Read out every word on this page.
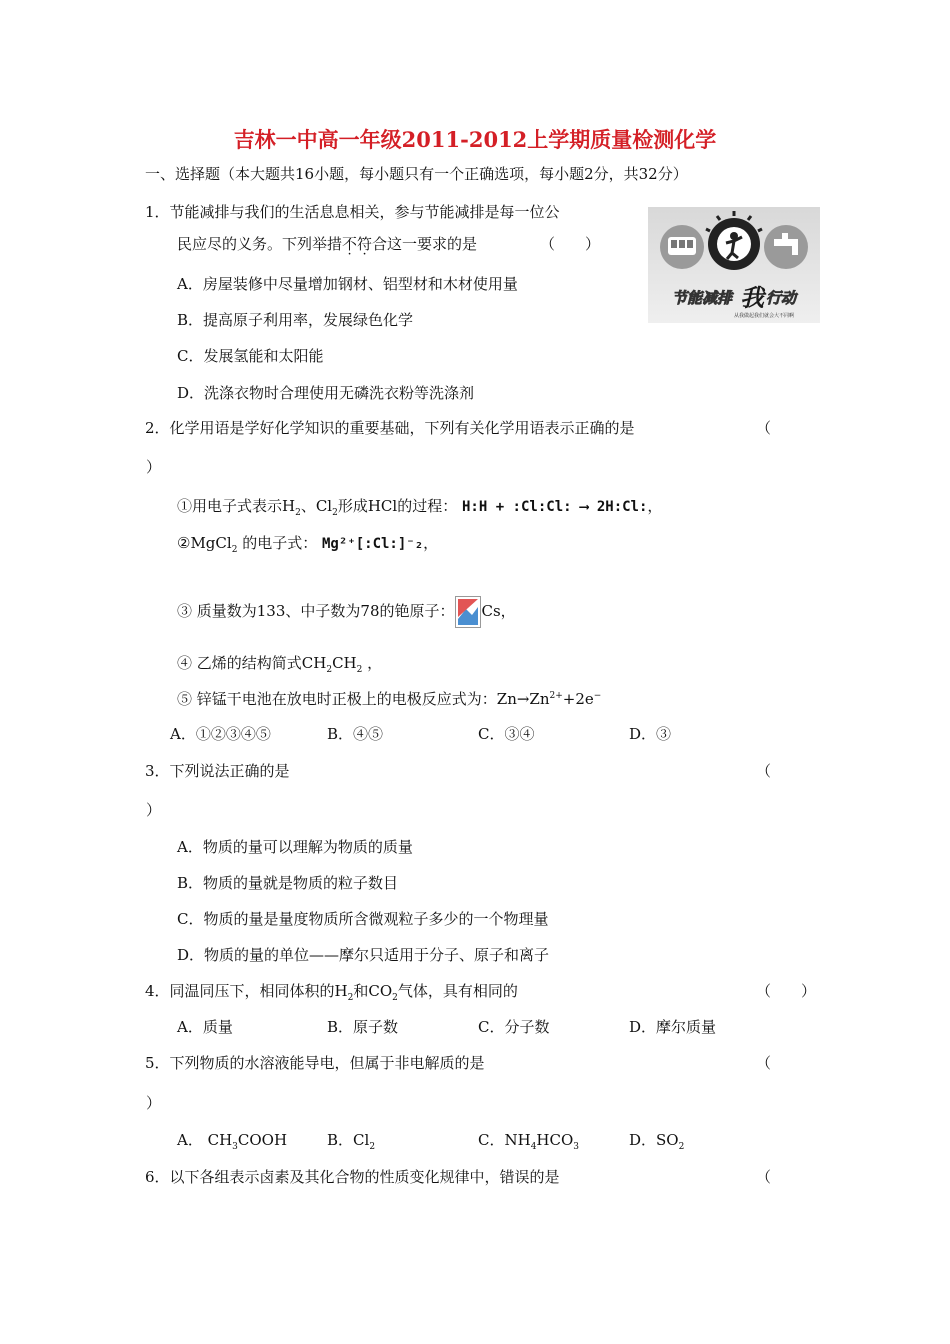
吉林一中高一年级2011-2012上学期质量检测化学
一、选择题（本大题共16小题，每小题只有一个正确选项，每小题2分，共32分）
1．节能减排与我们的生活息息相关，参与节能减排是每一位公
民应尽的义务。下列举措不符合这一要求的是	（　　）
A．房屋装修中尽量增加钢材、铝型材和木材使用量
B．提高原子利用率，发展绿色化学
C．发展氢能和太阳能
D．洗涤衣物时合理使用无磷洗衣粉等洗涤剂
节能减排 我 行动
从我做起我们就会大不同啊
2．化学用语是学好化学知识的重要基础，下列有关化学用语表示正确的是	（
）
①用电子式表示$H_2$、$Cl_2$形成HCl的过程： H:H + :Cl:Cl: ⟶ 2H:Cl:，
②MgCl$_2$ 的电子式： Mg²⁺[:Cl:]⁻₂，
③ 质量数为133、中子数为78的铯原子： Cs，
④ 乙烯的结构简式$CH_2CH_2$ ，
⑤ 锌锰干电池在放电时正极上的电极反应式为：$Zn\to Zn^{2+}+2e^-$
A．①②③④⑤	B．④⑤	C．③④	D．③
3．下列说法正确的是	（
）
A．物质的量可以理解为物质的质量
B．物质的量就是物质的粒子数目
C．物质的量是量度物质所含微观粒子多少的一个物理量
D．物质的量的单位——摩尔只适用于分子、原子和离子
4．同温同压下，相同体积的$H_2$和$CO_2$气体，具有相同的	（　　）
A．质量	B．原子数	C．分子数	D．摩尔质量
5．下列物质的水溶液能导电，但属于非电解质的是	（
）
A． $CH_3COOH$	B．$Cl_2$	C．$NH_4HCO_3$	D．$SO_2$
6．以下各组表示卤素及其化合物的性质变化规律中，错误的是	（
